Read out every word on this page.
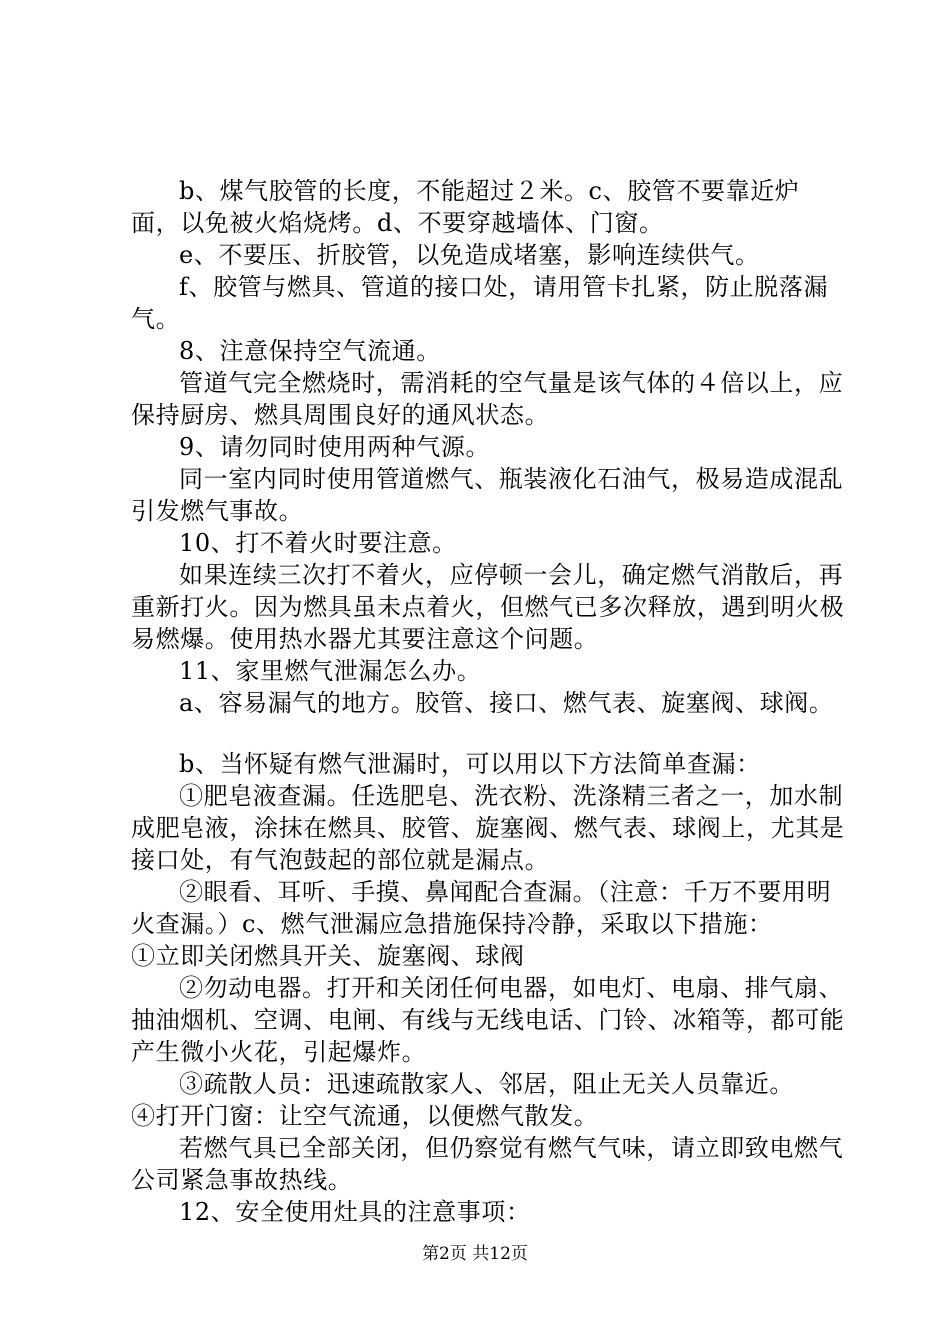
b、煤气胶管的长度，不能超过２米。c、胶管不要靠近炉面，以免被火焰烧烤。d、不要穿越墙体、门窗。

e、不要压、折胶管，以免造成堵塞，影响连续供气。

f、胶管与燃具、管道的接口处，请用管卡扎紧，防止脱落漏气。

8、注意保持空气流通。

管道气完全燃烧时，需消耗的空气量是该气体的４倍以上，应保持厨房、燃具周围良好的通风状态。

9、请勿同时使用两种气源。

同一室内同时使用管道燃气、瓶装液化石油气，极易造成混乱引发燃气事故。

10、打不着火时要注意。

如果连续三次打不着火，应停顿一会儿，确定燃气消散后，再重新打火。因为燃具虽未点着火，但燃气已多次释放，遇到明火极易燃爆。使用热水器尤其要注意这个问题。

11、家里燃气泄漏怎么办。

a、容易漏气的地方。胶管、接口、燃气表、旋塞阀、球阀。

b、当怀疑有燃气泄漏时，可以用以下方法简单查漏：

①肥皂液查漏。任选肥皂、洗衣粉、洗涤精三者之一，加水制成肥皂液，涂抹在燃具、胶管、旋塞阀、燃气表、球阀上，尤其是接口处，有气泡鼓起的部位就是漏点。

②眼看、耳听、手摸、鼻闻配合查漏。（注意：千万不要用明火查漏。）c、燃气泄漏应急措施保持冷静，采取以下措施：

①立即关闭燃具开关、旋塞阀、球阀

②勿动电器。打开和关闭任何电器，如电灯、电扇、排气扇、抽油烟机、空调、电闸、有线与无线电话、门铃、冰箱等，都可能产生微小火花，引起爆炸。

③疏散人员：迅速疏散家人、邻居，阻止无关人员靠近。

④打开门窗：让空气流通，以便燃气散发。

若燃气具已全部关闭，但仍察觉有燃气气味，请立即致电燃气公司紧急事故热线。

12、安全使用灶具的注意事项：

第2页 共12页
